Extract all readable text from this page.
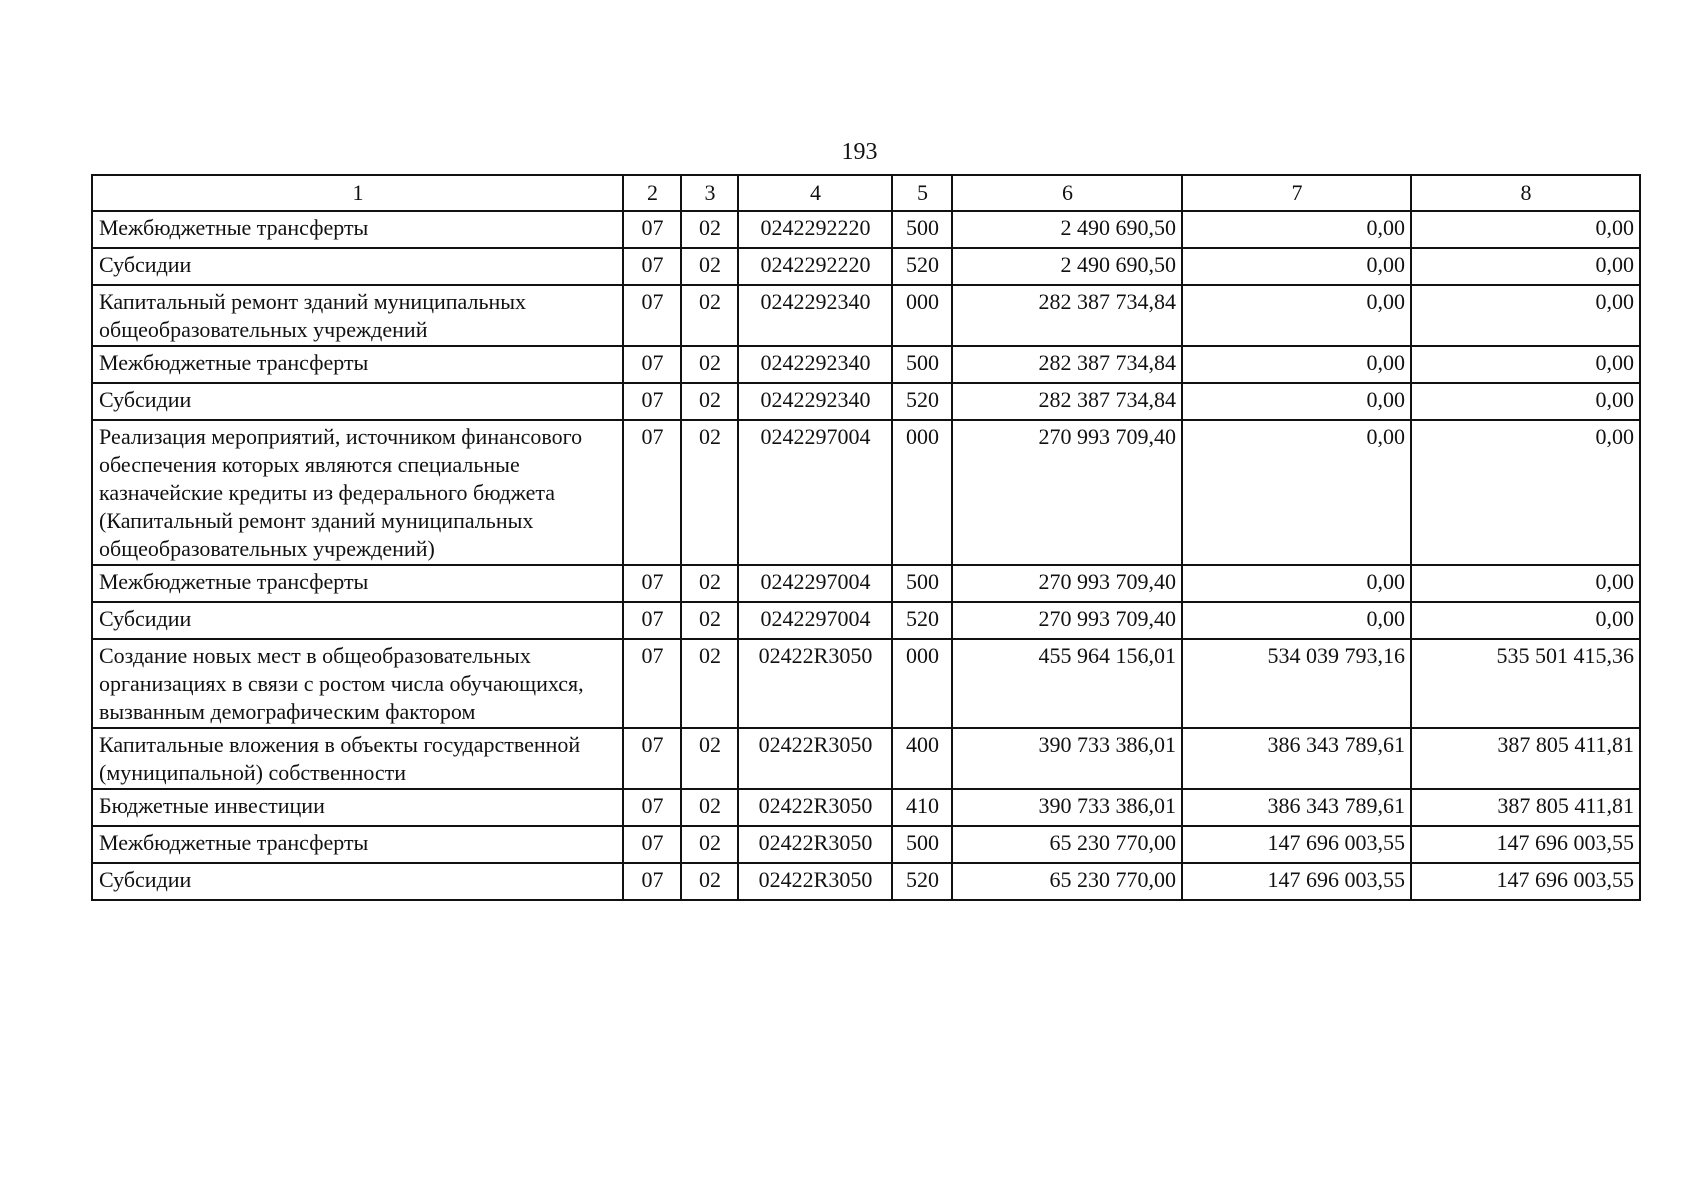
193
1	2	3	4	5	6	7	8
Межбюджетные трансферты	07	02	0242292220	500	2 490 690,50	0,00	0,00
Субсидии	07	02	0242292220	520	2 490 690,50	0,00	0,00
Капитальный ремонт зданий муниципальных общеобразовательных учреждений	07	02	0242292340	000	282 387 734,84	0,00	0,00
Межбюджетные трансферты	07	02	0242292340	500	282 387 734,84	0,00	0,00
Субсидии	07	02	0242292340	520	282 387 734,84	0,00	0,00
Реализация мероприятий, источником финансового обеспечения которых являются специальные казначейские кредиты из федерального бюджета (Капитальный ремонт зданий муниципальных общеобразовательных учреждений)	07	02	0242297004	000	270 993 709,40	0,00	0,00
Межбюджетные трансферты	07	02	0242297004	500	270 993 709,40	0,00	0,00
Субсидии	07	02	0242297004	520	270 993 709,40	0,00	0,00
Создание новых мест в общеобразовательных организациях в связи с ростом числа обучающихся, вызванным демографическим фактором	07	02	02422R3050	000	455 964 156,01	534 039 793,16	535 501 415,36
Капитальные вложения в объекты государственной (муниципальной) собственности	07	02	02422R3050	400	390 733 386,01	386 343 789,61	387 805 411,81
Бюджетные инвестиции	07	02	02422R3050	410	390 733 386,01	386 343 789,61	387 805 411,81
Межбюджетные трансферты	07	02	02422R3050	500	65 230 770,00	147 696 003,55	147 696 003,55
Субсидии	07	02	02422R3050	520	65 230 770,00	147 696 003,55	147 696 003,55
